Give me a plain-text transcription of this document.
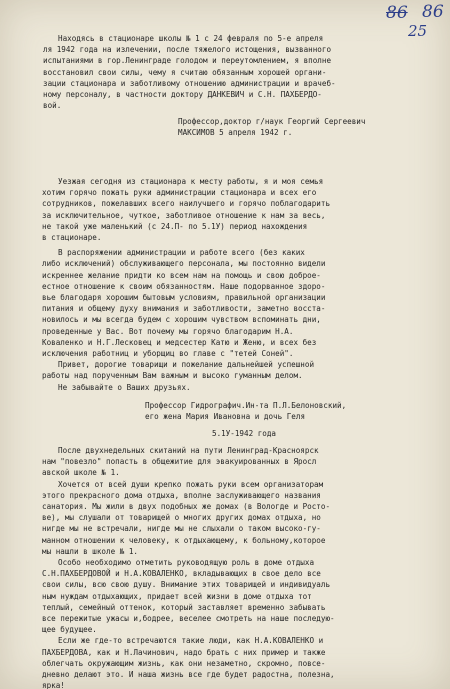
86 86
25
Находясь в стационаре школы № 1 с 24 февраля по 5-е апреля
ля 1942 года на излечении, после тяжелого истощения, вызванного
испытаниями в гор.Ленинграде голодом и переутомлением, я вполне
восстановил свои силы, чему я считаю обязанным хорошей органи-
зации стационара и заботливому отношению администрации и врачеб-
ному персоналу, в частности доктору ДАНКЕВИЧ и С.Н. ПАХБЕРДО-
вой.
Профессор,доктор г/наук Георгий Сергеевич
МАКСИМОВ 5 апреля 1942 г.
Уезжая сегодня из стационара к месту работы, я и моя семья
хотим горячо пожать руки администрации стационара и всех его
сотрудников, пожелавших всего наилучшего и горячо поблагодарить
за исключительное, чуткое, заботливое отношение к нам за весь,
не такой уже маленький (с 24.П- по 5.1У) период нахождения
в стационаре.
В распоряжении администрации и работе всего (без каких
либо исключений) обслуживающего персонала, мы постоянно видели
искреннее желание придти ко всем нам на помощь и свою доброе-
естное отношение к своим обязанностям. Наше подорванное здоро-
вье благодаря хорошим бытовым условиям, правильной организации
питания и общему духу внимания и заботливости, заметно восста-
новилось и мы всегда будем с хорошим чувством вспоминать дни,
проведенные у Вас. Вот почему мы горячо благодарим Н.А.
Коваленко и Н.Г.Лесковец и медсестер Катю и Женю, и всех без
исключения работниц и уборщиц во главе с "тетей Соней".
Привет, дорогие товарищи и пожелание дальнейшей успешной
работы над порученным Вам важным и высоко гуманным делом.
Не забывайте о Ваших друзьях.
Профессор Гидрографич.Ин-та П.Л.Белоновский,
его жена Мария Ивановна и дочь Геля
5.1У-1942 года
После двухнедельных скитаний на пути Ленинград-Красноярск
нам "повезло" попасть в общежитие для эвакуированных в Яросл
авской школе № 1.
Хочется от всей души крепко пожать руки всем организаторам
этого прекрасного дома отдыха, вполне заслуживающего названия
санатория. Мы жили в двух подобных же домах (в Вологде и Росто-
ве), мы слушали от товарищей о многих других домах отдыха, но
нигде мы не встречали, нигде мы не слыхали о таком высоко-гу-
манном отношении к человеку, к отдыхающему, к больному,которое
мы нашли в школе № 1.
Особо необходимо отметить руководящую роль в доме отдыха
С.Н.ПАХБЕРДОВОЙ и Н.А.КОВАЛЕНКО, вкладывающих в свое дело все
свои силы, всю свою душу. Внимание этих товарищей и индивидуаль
ным нуждам отдыхающих, придает всей жизни в доме отдыха тот
теплый, семейный оттенок, который заставляет временно забывать
все пережитые ужасы и,бодрее, веселее смотреть на наше последую-
щее будущее.
Если же где-то встречаются такие люди, как Н.А.КОВАЛЕНКО и
ПАХБЕРДОВА, как и Н.Лачинович, надо брать с них пример и также
облегчать окружающим жизнь, как они незаметно, скромно, повсе-
дневно делают это. И наша жизнь все где будет радостна, полезна,
ярка!
